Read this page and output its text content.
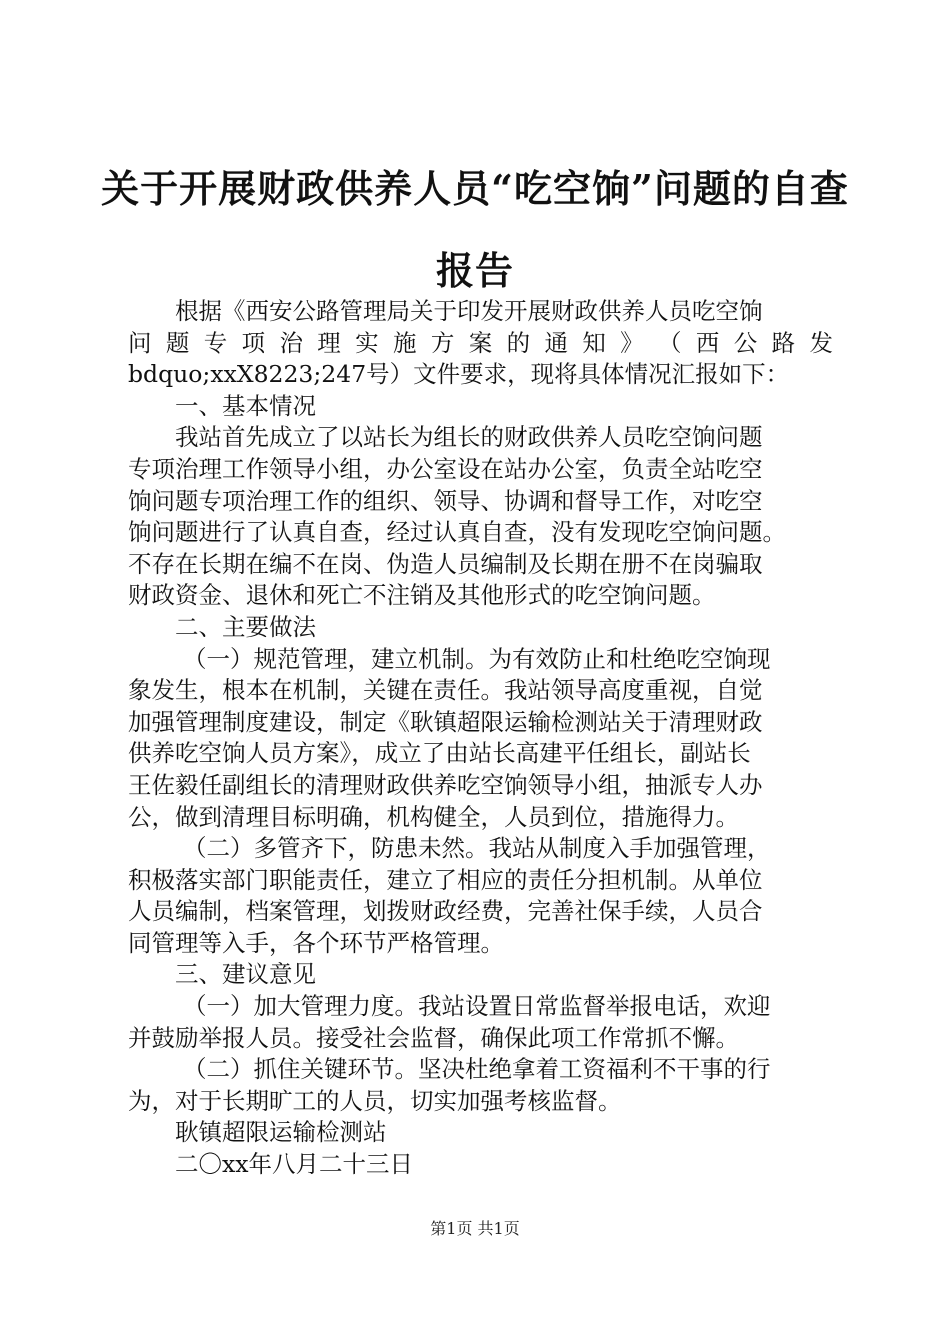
关于开展财政供养人员“吃空饷”问题的自查
报告
根据《西安公路管理局关于印发开展财政供养人员吃空饷
问 题 专 项 治 理 实 施 方 案 的 通 知 》 （ 西 公 路 发
bdquo;xxX8223;247号）文件要求，现将具体情况汇报如下：
一、基本情况
我站首先成立了以站长为组长的财政供养人员吃空饷问题
专项治理工作领导小组，办公室设在站办公室，负责全站吃空
饷问题专项治理工作的组织、领导、协调和督导工作，对吃空
饷问题进行了认真自查，经过认真自查，没有发现吃空饷问题。
不存在长期在编不在岗、伪造人员编制及长期在册不在岗骗取
财政资金、退休和死亡不注销及其他形式的吃空饷问题。
二、主要做法
（一）规范管理，建立机制。为有效防止和杜绝吃空饷现
象发生，根本在机制，关键在责任。我站领导高度重视，自觉
加强管理制度建设，制定《耿镇超限运输检测站关于清理财政
供养吃空饷人员方案》，成立了由站长高建平任组长，副站长
王佐毅任副组长的清理财政供养吃空饷领导小组，抽派专人办
公，做到清理目标明确，机构健全，人员到位，措施得力。
（二）多管齐下，防患未然。我站从制度入手加强管理，
积极落实部门职能责任，建立了相应的责任分担机制。从单位
人员编制，档案管理，划拨财政经费，完善社保手续，人员合
同管理等入手，各个环节严格管理。
三、建议意见
（一）加大管理力度。我站设置日常监督举报电话，欢迎
并鼓励举报人员。接受社会监督，确保此项工作常抓不懈。
（二）抓住关键环节。坚决杜绝拿着工资福利不干事的行
为，对于长期旷工的人员，切实加强考核监督。
耿镇超限运输检测站
二〇xx年八月二十三日
第1页 共1页
